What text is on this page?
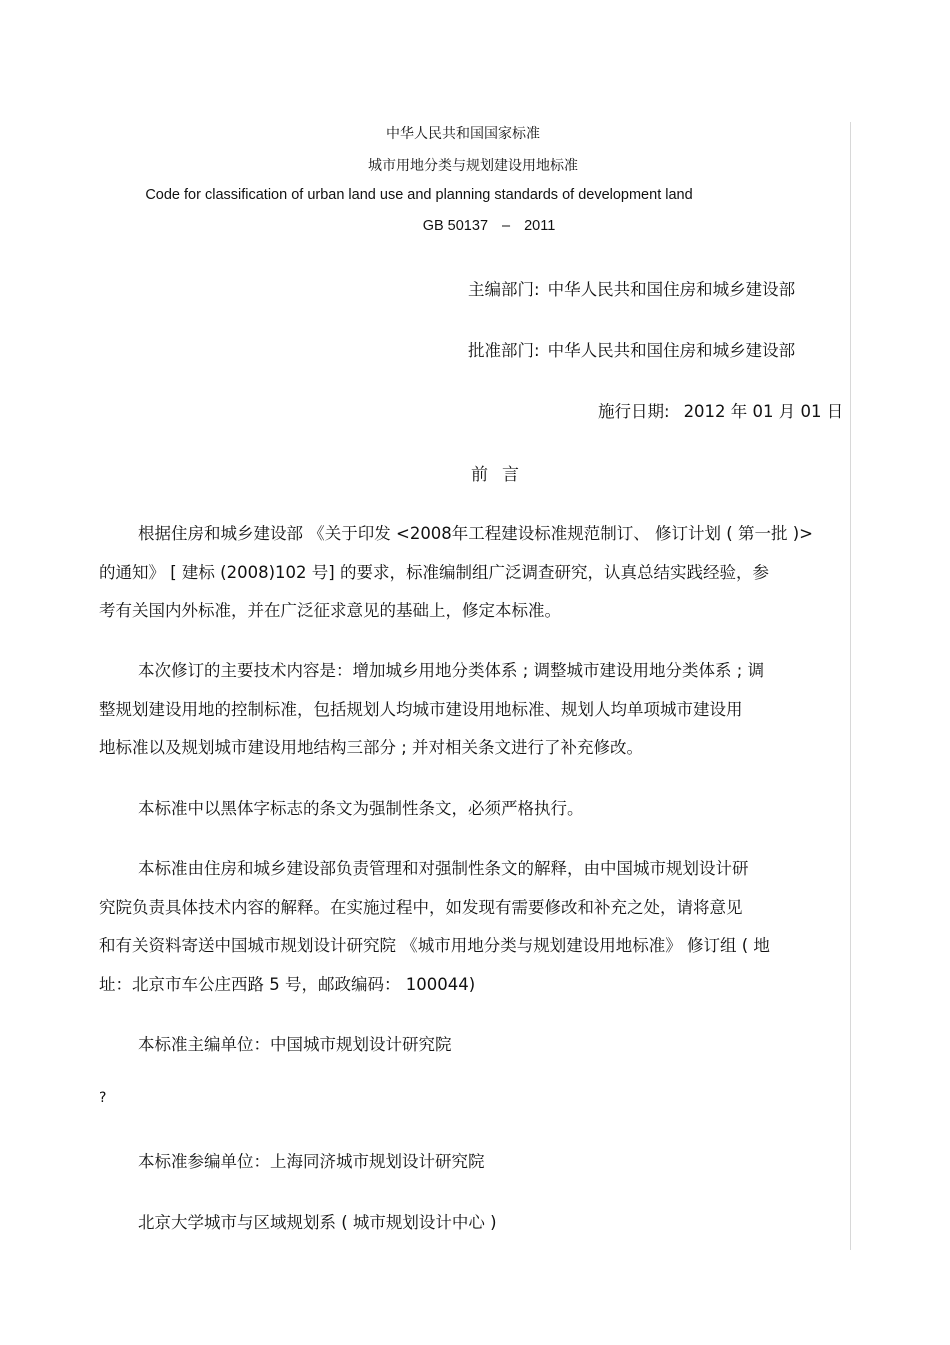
中华人民共和国国家标准
城市用地分类与规划建设用地标准
Code for classification of urban land use and planning standards of development land
GB 50137 – 2011
主编部门: 中华人民共和国住房和城乡建设部
批准部门: 中华人民共和国住房和城乡建设部
施行日期: 2012 年 01 月 01 日
前言
根据住房和城乡建设部 《关于印发 <2008年工程建设标准规范制订、 修订计划 ( 第一批 )>
的通知》 [ 建标 (2008)102 号] 的要求，标准编制组广泛调查研究，认真总结实践经验，参
考有关国内外标准，并在广泛征求意见的基础上，修定本标准。
本次修订的主要技术内容是：增加城乡用地分类体系 ; 调整城市建设用地分类体系 ; 调
整规划建设用地的控制标准，包括规划人均城市建设用地标准、规划人均单项城市建设用
地标准以及规划城市建设用地结构三部分 ; 并对相关条文进行了补充修改。
本标准中以黑体字标志的条文为强制性条文，必须严格执行。
本标准由住房和城乡建设部负责管理和对强制性条文的解释，由中国城市规划设计研
究院负责具体技术内容的解释。在实施过程中，如发现有需要修改和补充之处，请将意见
和有关资料寄送中国城市规划设计研究院 《城市用地分类与规划建设用地标准》 修订组 ( 地
址：北京市车公庄西路 5 号，邮政编码： 100044)
本标准主编单位：中国城市规划设计研究院
?
本标准参编单位：上海同济城市规划设计研究院
北京大学城市与区域规划系 ( 城市规划设计中心 )
